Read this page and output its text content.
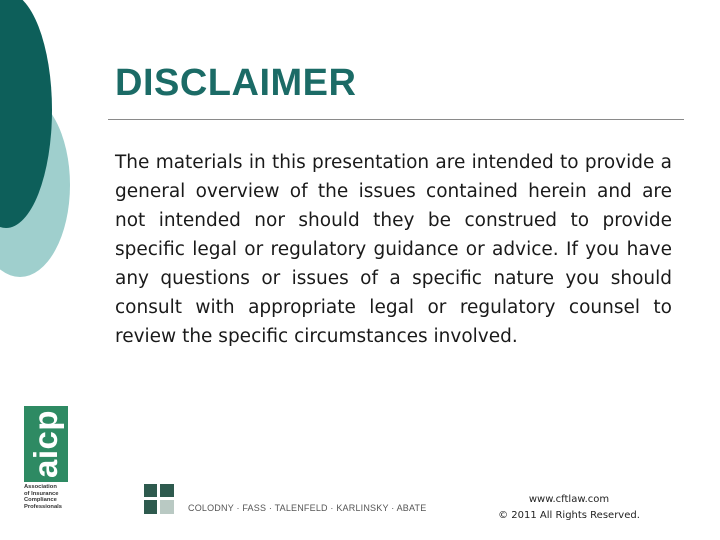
DISCLAIMER

The materials in this presentation are intended to provide a general overview of the issues contained herein and are not intended nor should they be construed to provide specific legal or regulatory guidance or advice. If you have any questions or issues of a specific nature you should consult with appropriate legal or regulatory counsel to review the specific circumstances involved.

aicp
Association
of Insurance
Compliance
Professionals	COLODNY · FASS · TALENFELD · KARLINSKY · ABATE
www.cftlaw.com
© 2011 All Rights Reserved.
